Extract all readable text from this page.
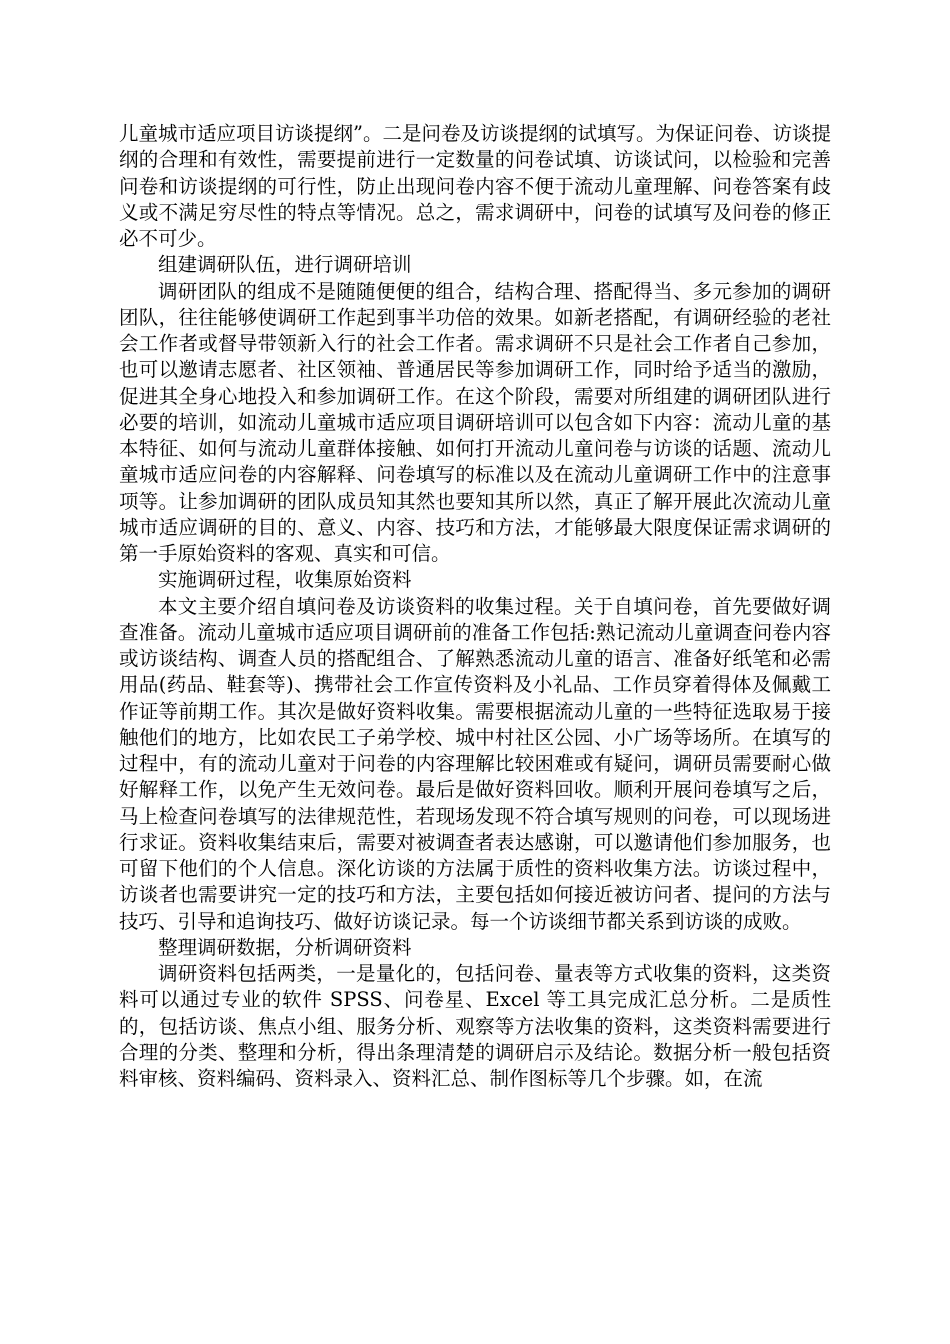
儿童城市适应项目访谈提纲”。二是问卷及访谈提纲的试填写。为保证问卷、访谈提纲的合理和有效性，需要提前进行一定数量的问卷试填、访谈试问，以检验和完善问卷和访谈提纲的可行性，防止出现问卷内容不便于流动儿童理解、问卷答案有歧义或不满足穷尽性的特点等情况。总之，需求调研中，问卷的试填写及问卷的修正必不可少。

组建调研队伍，进行调研培训

调研团队的组成不是随随便便的组合，结构合理、搭配得当、多元参加的调研团队，往往能够使调研工作起到事半功倍的效果。如新老搭配，有调研经验的老社会工作者或督导带领新入行的社会工作者。需求调研不只是社会工作者自己参加，也可以邀请志愿者、社区领袖、普通居民等参加调研工作，同时给予适当的激励，促进其全身心地投入和参加调研工作。在这个阶段，需要对所组建的调研团队进行必要的培训，如流动儿童城市适应项目调研培训可以包含如下内容：流动儿童的基本特征、如何与流动儿童群体接触、如何打开流动儿童问卷与访谈的话题、流动儿童城市适应问卷的内容解释、问卷填写的标准以及在流动儿童调研工作中的注意事项等。让参加调研的团队成员知其然也要知其所以然，真正了解开展此次流动儿童城市适应调研的目的、意义、内容、技巧和方法，才能够最大限度保证需求调研的第一手原始资料的客观、真实和可信。

实施调研过程，收集原始资料

本文主要介绍自填问卷及访谈资料的收集过程。关于自填问卷，首先要做好调查准备。流动儿童城市适应项目调研前的准备工作包括:熟记流动儿童调查问卷内容或访谈结构、调查人员的搭配组合、了解熟悉流动儿童的语言、准备好纸笔和必需用品(药品、鞋套等)、携带社会工作宣传资料及小礼品、工作员穿着得体及佩戴工作证等前期工作。其次是做好资料收集。需要根据流动儿童的一些特征选取易于接触他们的地方，比如农民工子弟学校、城中村社区公园、小广场等场所。在填写的过程中，有的流动儿童对于问卷的内容理解比较困难或有疑问，调研员需要耐心做好解释工作，以免产生无效问卷。最后是做好资料回收。顺利开展问卷填写之后，马上检查问卷填写的法律规范性，若现场发现不符合填写规则的问卷，可以现场进行求证。资料收集结束后，需要对被调查者表达感谢，可以邀请他们参加服务，也可留下他们的个人信息。深化访谈的方法属于质性的资料收集方法。访谈过程中，访谈者也需要讲究一定的技巧和方法，主要包括如何接近被访问者、提问的方法与技巧、引导和追询技巧、做好访谈记录。每一个访谈细节都关系到访谈的成败。

整理调研数据，分析调研资料

调研资料包括两类，一是量化的，包括问卷、量表等方式收集的资料，这类资料可以通过专业的软件 SPSS、问卷星、Excel 等工具完成汇总分析。二是质性的，包括访谈、焦点小组、服务分析、观察等方法收集的资料，这类资料需要进行合理的分类、整理和分析，得出条理清楚的调研启示及结论。数据分析一般包括资料审核、资料编码、资料录入、资料汇总、制作图标等几个步骤。如，在流
